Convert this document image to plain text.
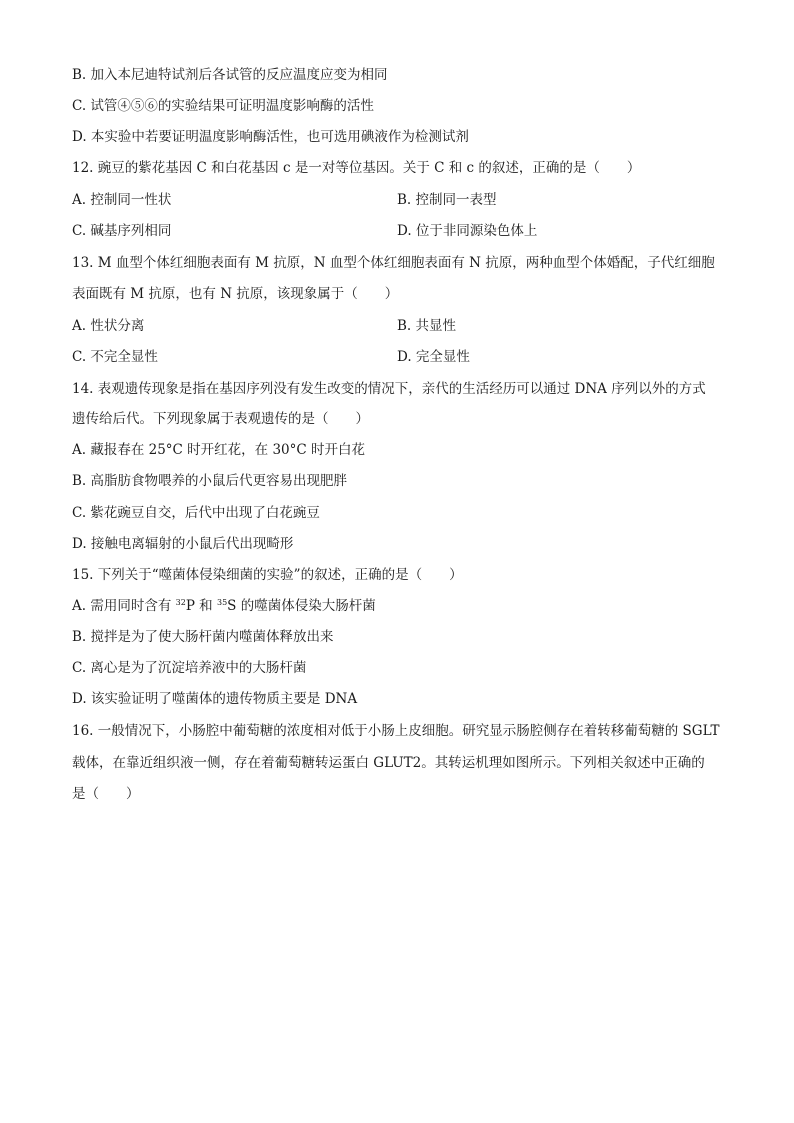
B. 加入本尼迪特试剂后各试管的反应温度应变为相同
C. 试管④⑤⑥的实验结果可证明温度影响酶的活性
D. 本实验中若要证明温度影响酶活性，也可选用碘液作为检测试剂
12. 豌豆的紫花基因 C 和白花基因 c 是一对等位基因。关于 C 和 c 的叙述，正确的是（　　）
A. 控制同一性状	B. 控制同一表型
C. 碱基序列相同	D. 位于非同源染色体上
13. M 血型个体红细胞表面有 M 抗原，N 血型个体红细胞表面有 N 抗原，两种血型个体婚配，子代红细胞
表面既有 M 抗原，也有 N 抗原，该现象属于（　　）
A. 性状分离	B. 共显性
C. 不完全显性	D. 完全显性
14. 表观遗传现象是指在基因序列没有发生改变的情况下，亲代的生活经历可以通过 DNA 序列以外的方式
遗传给后代。下列现象属于表观遗传的是（　　）
A. 藏报春在 25°C 时开红花，在 30°C 时开白花
B. 高脂肪食物喂养的小鼠后代更容易出现肥胖
C. 紫花豌豆自交，后代中出现了白花豌豆
D. 接触电离辐射的小鼠后代出现畸形
15. 下列关于“噬菌体侵染细菌的实验”的叙述，正确的是（　　）
A. 需用同时含有 $^{32}$P 和 $^{35}$S 的噬菌体侵染大肠杆菌
B. 搅拌是为了使大肠杆菌内噬菌体释放出来
C. 离心是为了沉淀培养液中的大肠杆菌
D. 该实验证明了噬菌体的遗传物质主要是 DNA
16. 一般情况下，小肠腔中葡萄糖的浓度相对低于小肠上皮细胞。研究显示肠腔侧存在着转移葡萄糖的 SGLT
载体，在靠近组织液一侧，存在着葡萄糖转运蛋白 GLUT2。其转运机理如图所示。下列相关叙述中正确的
是（　　）
